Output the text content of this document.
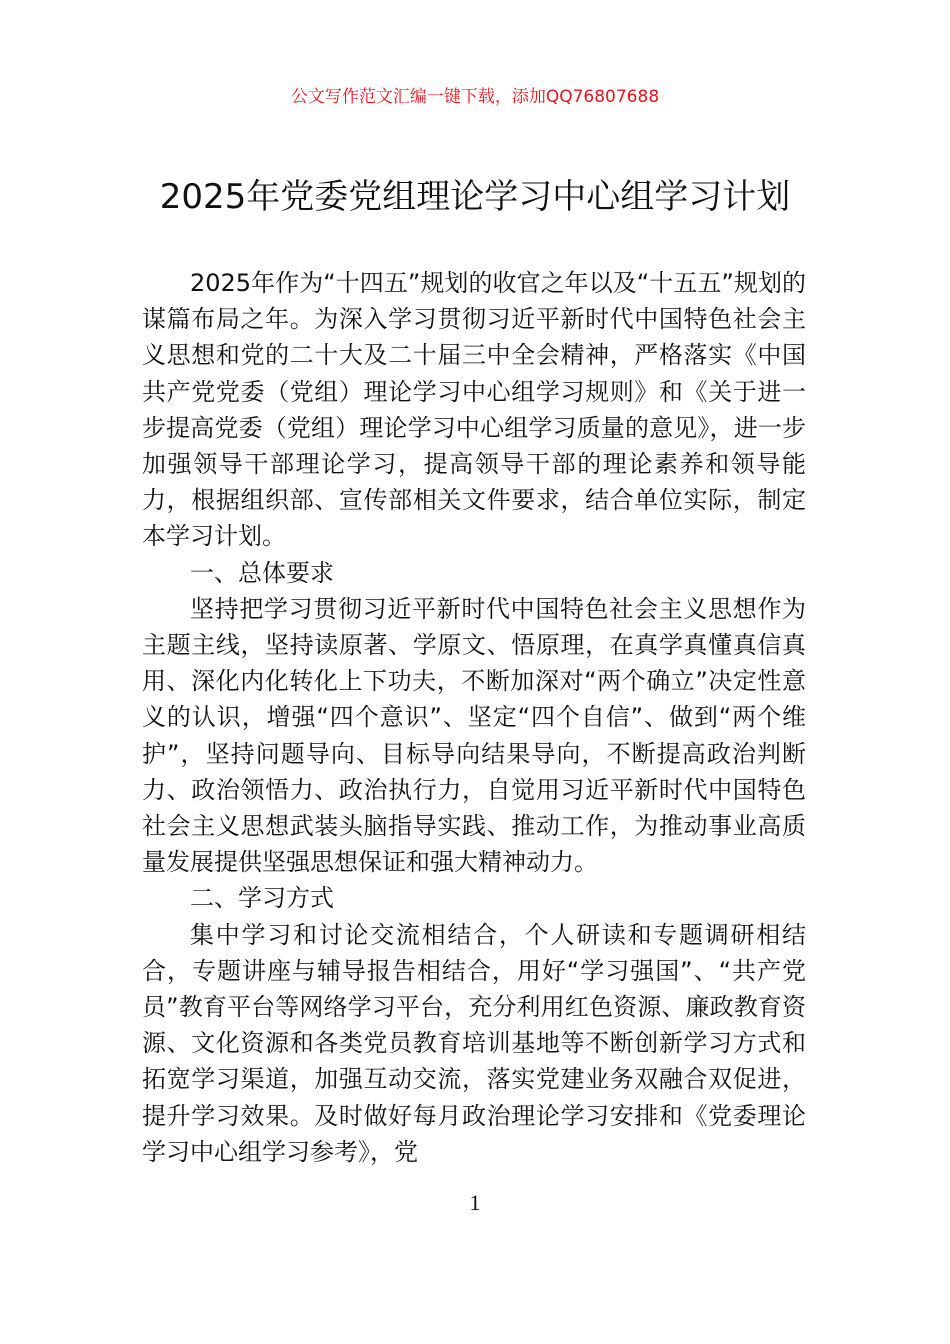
公文写作范文汇编一键下载，添加QQ76807688
2025年党委党组理论学习中心组学习计划

2025年作为“十四五”规划的收官之年以及“十五五”规划的谋篇布局之年。为深入学习贯彻习近平新时代中国特色社会主义思想和党的二十大及二十届三中全会精神，严格落实《中国共产党党委（党组）理论学习中心组学习规则》和《关于进一步提高党委（党组）理论学习中心组学习质量的意见》，进一步加强领导干部理论学习，提高领导干部的理论素养和领导能力，根据组织部、宣传部相关文件要求，结合单位实际，制定本学习计划。

一、总体要求

坚持把学习贯彻习近平新时代中国特色社会主义思想作为主题主线，坚持读原著、学原文、悟原理，在真学真懂真信真用、深化内化转化上下功夫，不断加深对“两个确立”决定性意义的认识，增强“四个意识”、坚定“四个自信”、做到“两个维护”，坚持问题导向、目标导向结果导向，不断提高政治判断力、政治领悟力、政治执行力，自觉用习近平新时代中国特色社会主义思想武装头脑指导实践、推动工作，为推动事业高质量发展提供坚强思想保证和强大精神动力。

二、学习方式

集中学习和讨论交流相结合，个人研读和专题调研相结合，专题讲座与辅导报告相结合，用好“学习强国”、“共产党员”教育平台等网络学习平台，充分利用红色资源、廉政教育资源、文化资源和各类党员教育培训基地等不断创新学习方式和拓宽学习渠道，加强互动交流，落实党建业务双融合双促进，提升学习效果。及时做好每月政治理论学习安排和《党委理论学习中心组学习参考》，党

1
